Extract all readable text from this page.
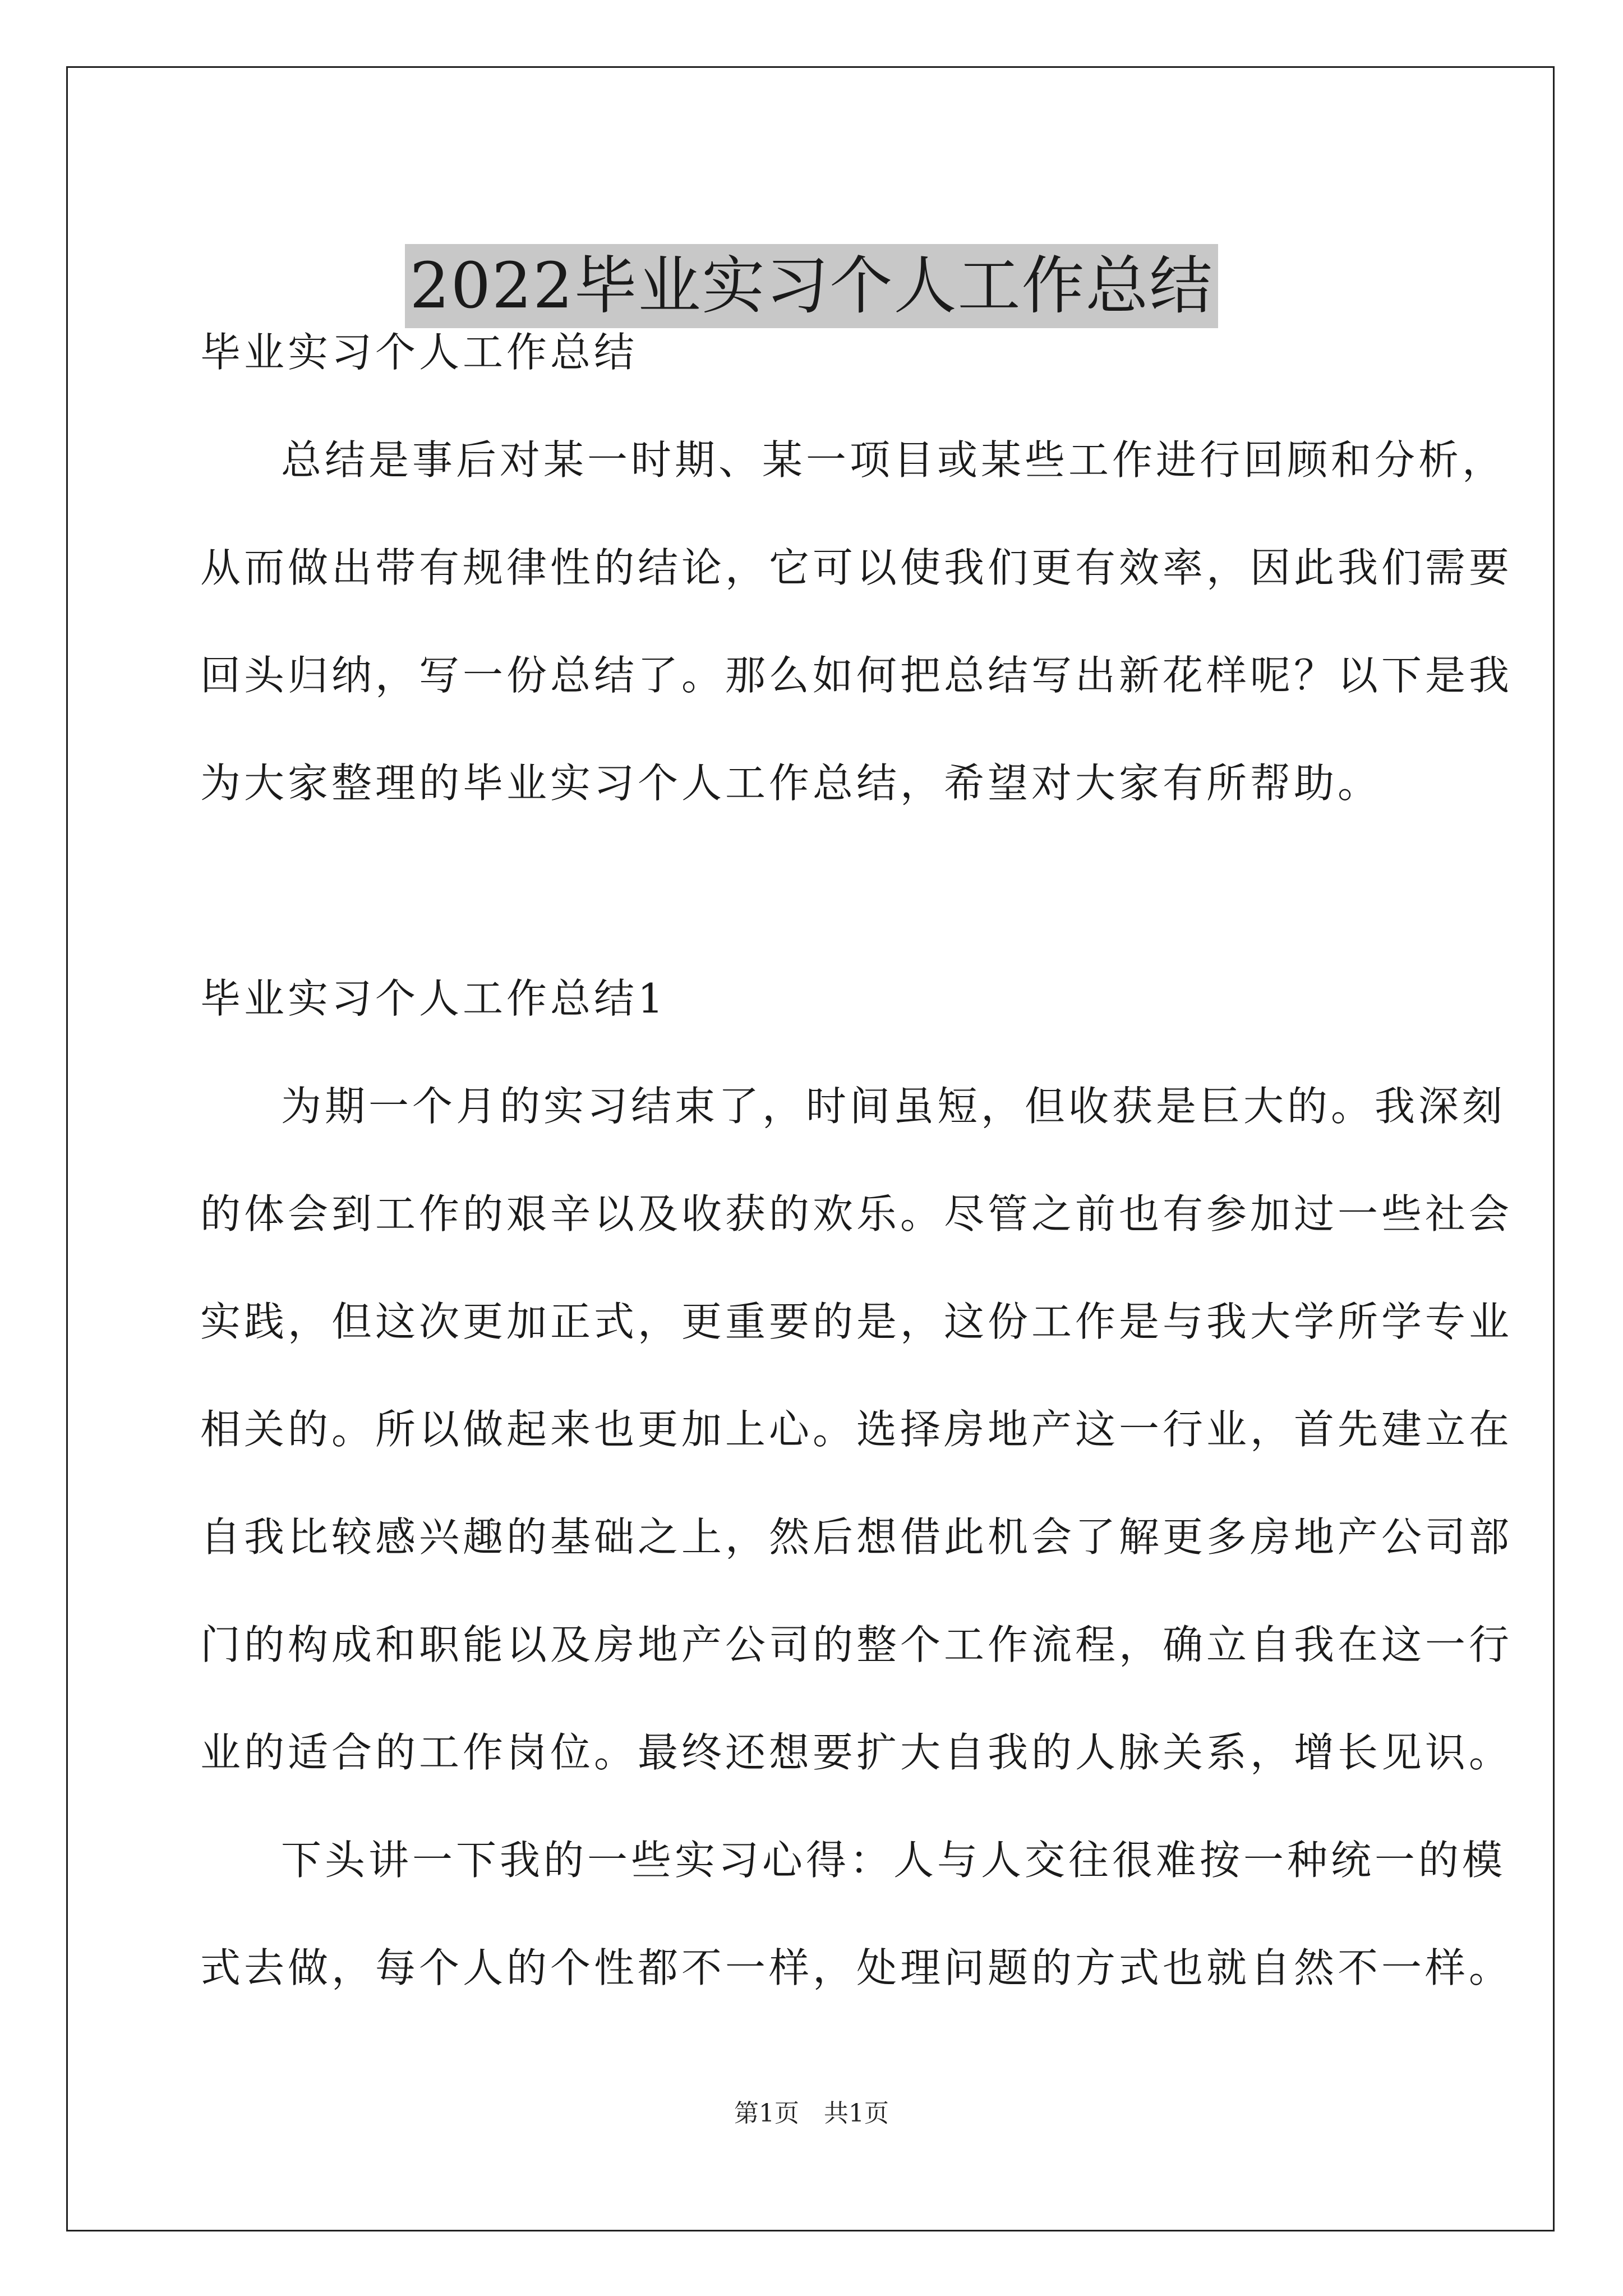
2022毕业实习个人工作总结
毕业实习个人工作总结
总结是事后对某一时期、某一项目或某些工作进行回顾和分析，
从而做出带有规律性的结论，它可以使我们更有效率，因此我们需要
回头归纳，写一份总结了。那么如何把总结写出新花样呢？以下是我
为大家整理的毕业实习个人工作总结，希望对大家有所帮助。
毕业实习个人工作总结1
为期一个月的实习结束了，时间虽短，但收获是巨大的。我深刻
的体会到工作的艰辛以及收获的欢乐。尽管之前也有参加过一些社会
实践，但这次更加正式，更重要的是，这份工作是与我大学所学专业
相关的。所以做起来也更加上心。选择房地产这一行业，首先建立在
自我比较感兴趣的基础之上，然后想借此机会了解更多房地产公司部
门的构成和职能以及房地产公司的整个工作流程，确立自我在这一行
业的适合的工作岗位。最终还想要扩大自我的人脉关系，增长见识。
下头讲一下我的一些实习心得：人与人交往很难按一种统一的模
式去做，每个人的个性都不一样，处理问题的方式也就自然不一样。
第1页　共1页
